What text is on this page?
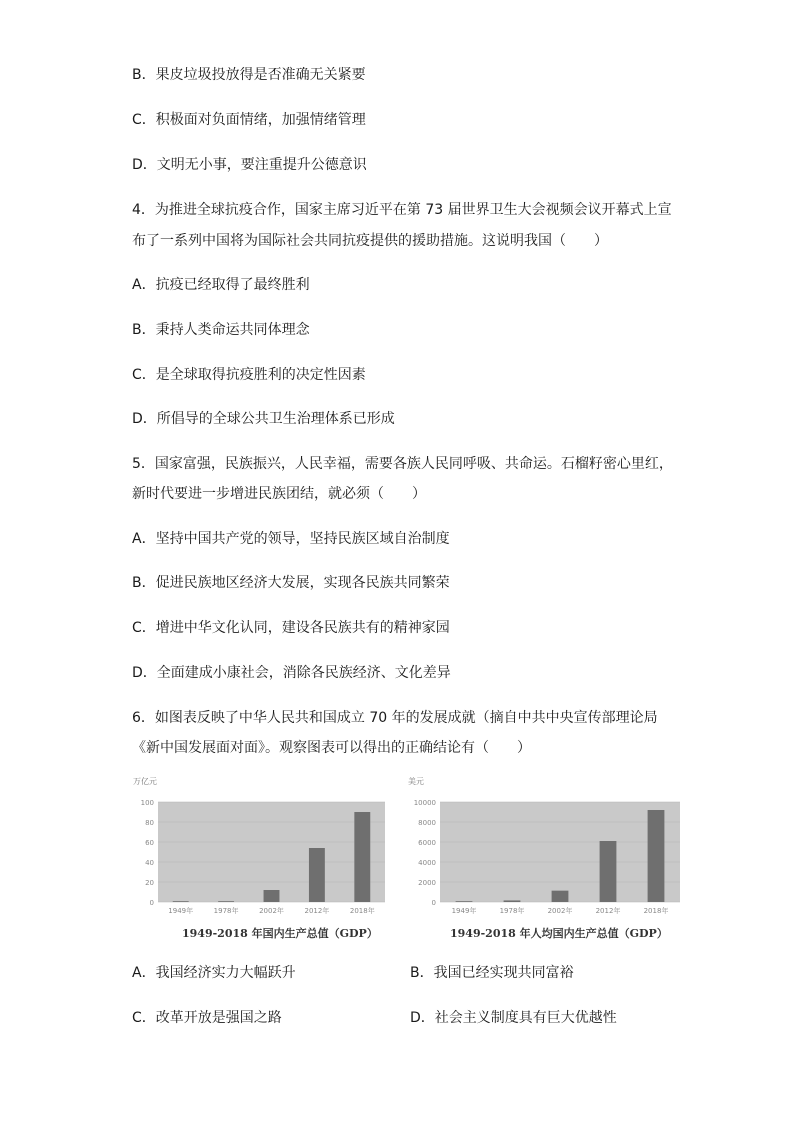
B．果皮垃圾投放得是否准确无关紧要
C．积极面对负面情绪，加强情绪管理
D．文明无小事，要注重提升公德意识
4．为推进全球抗疫合作，国家主席习近平在第 73 届世界卫生大会视频会议开幕式上宣
布了一系列中国将为国际社会共同抗疫提供的援助措施。这说明我国（　　）
A．抗疫已经取得了最终胜利
B．秉持人类命运共同体理念
C．是全球取得抗疫胜利的决定性因素
D．所倡导的全球公共卫生治理体系已形成
5．国家富强，民族振兴，人民幸福，需要各族人民同呼吸、共命运。石榴籽密心里红，
新时代要进一步增进民族团结，就必须（　　）
A．坚持中国共产党的领导，坚持民族区域自治制度
B．促进民族地区经济大发展，实现各民族共同繁荣
C．增进中华文化认同，建设各民族共有的精神家园
D．全面建成小康社会，消除各民族经济、文化差异
6．如图表反映了中华人民共和国成立 70 年的发展成就（摘自中共中央宣传部理论局
《新中国发展面对面》。观察图表可以得出的正确结论有（　　）
万亿元
0
20
40
60
80
100
1949年	1978年	2002年	2012年	2018年
1949-2018 年国内生产总值（GDP）
美元
0
2000
4000
6000
8000
10000
1949年	1978年	2002年	2012年	2018年
1949-2018 年人均国内生产总值（GDP）
A．我国经济实力大幅跃升	B．我国已经实现共同富裕
C．改革开放是强国之路	D．社会主义制度具有巨大优越性
